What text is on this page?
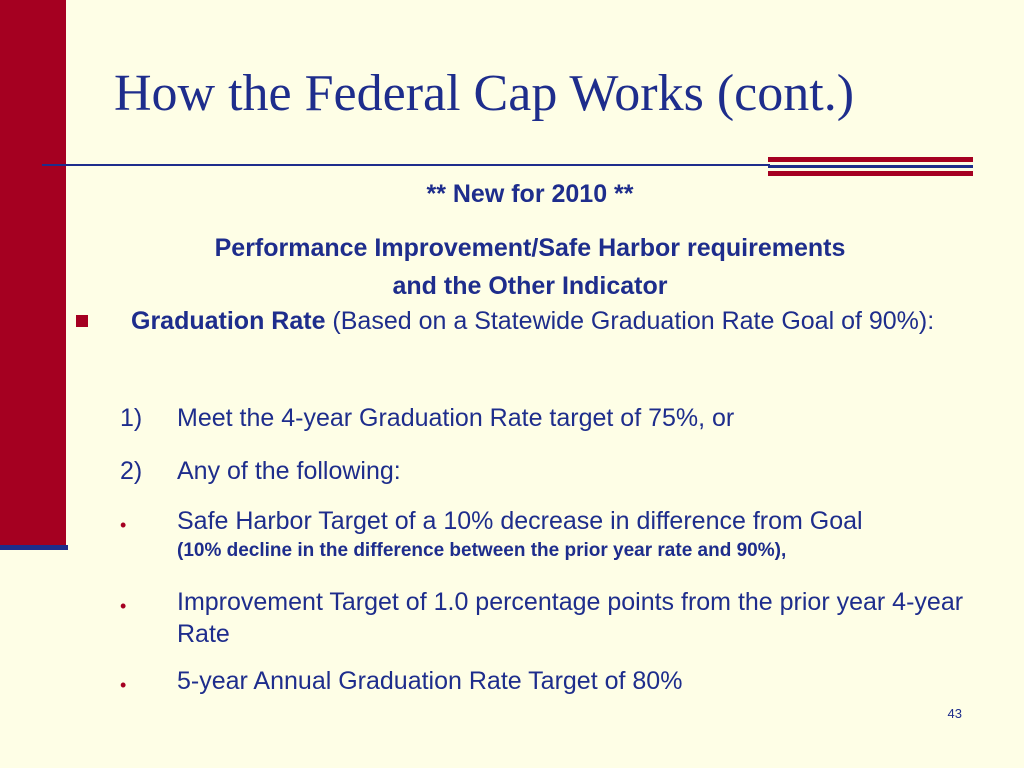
How the Federal Cap Works (cont.)
** New for 2010 **
Performance Improvement/Safe Harbor requirements
and the Other Indicator
Graduation Rate (Based on a Statewide Graduation Rate Goal of 90%):
1)	Meet the 4-year Graduation Rate target of 75%, or
2)	Any of the following:
• Safe Harbor Target of a 10% decrease in difference from Goal
(10% decline in the difference between the prior year rate and 90%),
• Improvement Target of 1.0 percentage points from the prior year 4-year Rate
• 5-year Annual Graduation Rate Target of 80%
43
